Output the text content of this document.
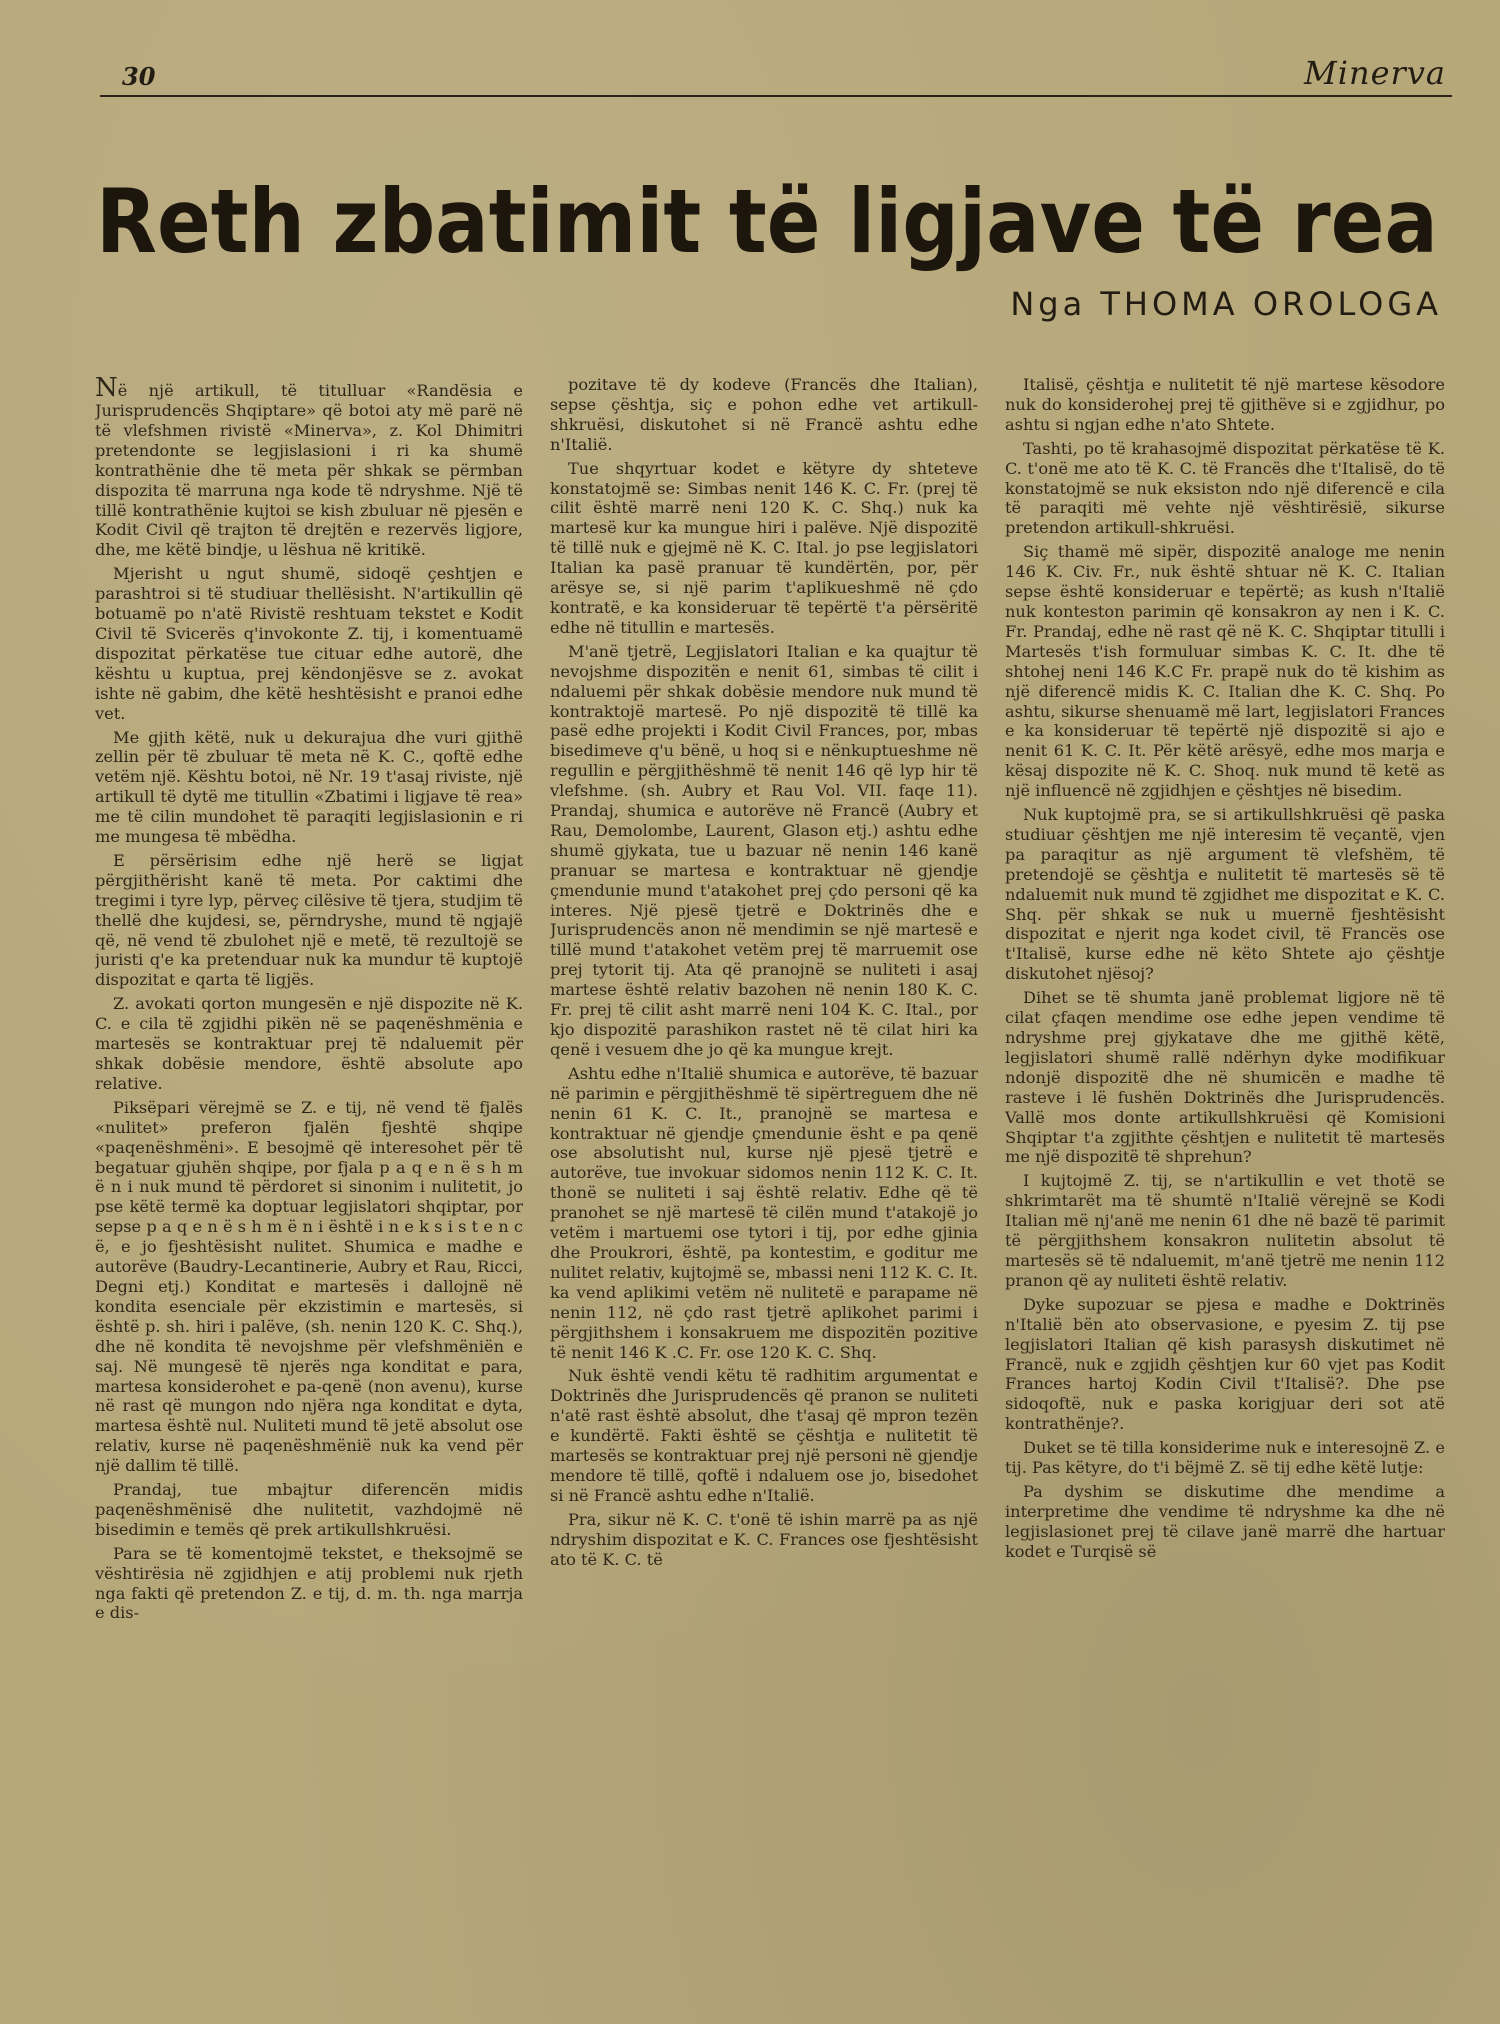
30	Minerva
Reth zbatimit të ligjave të rea
Nga THOMA OROLOGA

Në një artikull, të titulluar «Randësia e Jurisprudencës Shqiptare» që botoi aty më parë në të vlefshmen rivistë «Minerva», z. Kol Dhimitri pretendonte se legjislasioni i ri ka shumë kontrathënie dhe të meta për shkak se përmban dispozita të marruna nga kode të ndryshme. Një të tillë kontrathënie kujtoi se kish zbuluar në pjesën e Kodit Civil që trajton të drejtën e rezervës ligjore, dhe, me këtë bindje, u lëshua në kritikë.

Mjerisht u ngut shumë, sidoqë çeshtjen e parashtroi si të studiuar thellësisht. N'artikullin që botuamë po n'atë Rivistë reshtuam tekstet e Kodit Civil të Svicerës q'invokonte Z. tij, i komentuamë dispozitat përkatëse tue cituar edhe autorë, dhe kështu u kuptua, prej këndonjësve se z. avokat ishte në gabim, dhe këtë heshtësisht e pranoi edhe vet.

Me gjith këtë, nuk u dekurajua dhe vuri gjithë zellin për të zbuluar të meta në K. C., qoftë edhe vetëm një. Kështu botoi, në Nr. 19 t'asaj riviste, një artikull të dytë me titullin «Zbatimi i ligjave të rea» me të cilin mundohet të paraqiti legjislasionin e ri me mungesa të mbëdha.

E përsërisim edhe një herë se ligjat përgjithërisht kanë të meta. Por caktimi dhe tregimi i tyre lyp, përveç cilësive të tjera, studjim të thellë dhe kujdesi, se, përndryshe, mund të ngjajë që, në vend të zbulohet një e metë, të rezultojë se juristi q'e ka pretenduar nuk ka mundur të kuptojë dispozitat e qarta të ligjës.

Z. avokati qorton mungesën e një dispozite në K. C. e cila të zgjidhi pikën në se paqenëshmënia e martesës se kontraktuar prej të ndaluemit për shkak dobësie mendore, është absolute apo relative.

Piksëpari vërejmë se Z. e tij, në vend të fjalës «nulitet» preferon fjalën fjeshtë shqipe «paqenëshmëni». E besojmë që interesohet për të begatuar gjuhën shqipe, por fjala p a q e n ë s h m ë n i nuk mund të përdoret si sinonim i nulitetit, jo pse këtë termë ka doptuar legjislatori shqiptar, por sepse p a q e n ë s h m ë n i është i n e k s i s t e n c ë, e jo fjeshtësisht nulitet. Shumica e madhe e autorëve (Baudry-Lecantinerie, Aubry et Rau, Ricci, Degni etj.) Konditat e martesës i dallojnë në kondita esenciale për ekzistimin e martesës, si është p. sh. hiri i palëve, (sh. nenin 120 K. C. Shq.), dhe në kondita të nevojshme për vlefshmëniën e saj. Në mungesë të njerës nga konditat e para, martesa konsiderohet e pa-qenë (non avenu), kurse në rast që mungon ndo njëra nga konditat e dyta, martesa është nul. Nuliteti mund të jetë absolut ose relativ, kurse në paqenëshmënië nuk ka vend për një dallim të tillë.

Prandaj, tue mbajtur diferencën midis paqenëshmënisë dhe nulitetit, vazhdojmë në bisedimin e temës që prek artikullshkruësi.

Para se të komentojmë tekstet, e theksojmë se vështirësia në zgjidhjen e atij problemi nuk rjeth nga fakti që pretendon Z. e tij, d. m. th. nga marrja e dis-

pozitave të dy kodeve (Francës dhe Italian), sepse çështja, siç e pohon edhe vet artikull-shkruësi, diskutohet si në Francë ashtu edhe n'Italië.

Tue shqyrtuar kodet e këtyre dy shteteve konstatojmë se: Simbas nenit 146 K. C. Fr. (prej të cilit është marrë neni 120 K. C. Shq.) nuk ka martesë kur ka mungue hiri i palëve. Një dispozitë të tillë nuk e gjejmë në K. C. Ital. jo pse legjislatori Italian ka pasë pranuar të kundërtën, por, për arësye se, si një parim t'aplikueshmë në çdo kontratë, e ka konsideruar të tepërtë t'a përsëritë edhe në titullin e martesës.

M'anë tjetrë, Legjislatori Italian e ka quajtur të nevojshme dispozitën e nenit 61, simbas të cilit i ndaluemi për shkak dobësie mendore nuk mund të kontraktojë martesë. Po një dispozitë të tillë ka pasë edhe projekti i Kodit Civil Frances, por, mbas bisedimeve q'u bënë, u hoq si e nënkuptueshme në regullin e përgjithëshmë të nenit 146 që lyp hir të vlefshme. (sh. Aubry et Rau Vol. VII. faqe 11). Prandaj, shumica e autorëve në Francë (Aubry et Rau, Demolombe, Laurent, Glason etj.) ashtu edhe shumë gjykata, tue u bazuar në nenin 146 kanë pranuar se martesa e kontraktuar në gjendje çmendunie mund t'atakohet prej çdo personi që ka interes. Një pjesë tjetrë e Doktrinës dhe e Jurisprudencës anon në mendimin se një martesë e tillë mund t'atakohet vetëm prej të marruemit ose prej tytorit tij. Ata që pranojnë se nuliteti i asaj martese është relativ bazohen në nenin 180 K. C. Fr. prej të cilit asht marrë neni 104 K. C. Ital., por kjo dispozitë parashikon rastet në të cilat hiri ka qenë i vesuem dhe jo që ka mungue krejt.

Ashtu edhe n'Italië shumica e autorëve, të bazuar në parimin e përgjithëshmë të sipërtreguem dhe në nenin 61 K. C. It., pranojnë se martesa e kontraktuar në gjendje çmendunie ësht e pa qenë ose absolutisht nul, kurse një pjesë tjetrë e autorëve, tue invokuar sidomos nenin 112 K. C. It. thonë se nuliteti i saj është relativ. Edhe që të pranohet se një martesë të cilën mund t'atakojë jo vetëm i martuemi ose tytori i tij, por edhe gjinia dhe Proukrori, është, pa kontestim, e goditur me nulitet relativ, kujtojmë se, mbassi neni 112 K. C. It. ka vend aplikimi vetëm në nulitetë e parapame në nenin 112, në çdo rast tjetrë aplikohet parimi i përgjithshem i konsakruem me dispozitën pozitive të nenit 146 K .C. Fr. ose 120 K. C. Shq.

Nuk është vendi këtu të radhitim argumentat e Doktrinës dhe Jurisprudencës që pranon se nuliteti n'atë rast është absolut, dhe t'asaj që mpron tezën e kundërtë. Fakti është se çështja e nulitetit të martesës se kontraktuar prej një personi në gjendje mendore të tillë, qoftë i ndaluem ose jo, bisedohet si në Francë ashtu edhe n'Italië.

Pra, sikur në K. C. t'onë të ishin marrë pa as një ndryshim dispozitat e K. C. Frances ose fjeshtësisht ato të K. C. të

Italisë, çështja e nulitetit të një martese kësodore nuk do konsiderohej prej të gjithëve si e zgjidhur, po ashtu si ngjan edhe n'ato Shtete.

Tashti, po të krahasojmë dispozitat përkatëse të K. C. t'onë me ato të K. C. të Francës dhe t'Italisë, do të konstatojmë se nuk eksiston ndo një diferencë e cila të paraqiti më vehte një vështirësië, sikurse pretendon artikull-shkruësi.

Siç thamë më sipër, dispozitë analoge me nenin 146 K. Civ. Fr., nuk është shtuar në K. C. Italian sepse është konsideruar e tepërtë; as kush n'Italië nuk konteston parimin që konsakron ay nen i K. C. Fr. Prandaj, edhe në rast që në K. C. Shqiptar titulli i Martesës t'ish formuluar simbas K. C. It. dhe të shtohej neni 146 K.C Fr. prapë nuk do të kishim as një diferencë midis K. C. Italian dhe K. C. Shq. Po ashtu, sikurse shenuamë më lart, legjislatori Frances e ka konsideruar të tepërtë një dispozitë si ajo e nenit 61 K. C. It. Për këtë arësyë, edhe mos marja e kësaj dispozite në K. C. Shoq. nuk mund të ketë as një influencë në zgjidhjen e çështjes në bisedim.

Nuk kuptojmë pra, se si artikullshkruësi që paska studiuar çështjen me një interesim të veçantë, vjen pa paraqitur as një argument të vlefshëm, të pretendojë se çështja e nulitetit të martesës së të ndaluemit nuk mund të zgjidhet me dispozitat e K. C. Shq. për shkak se nuk u muernë fjeshtësisht dispozitat e njerit nga kodet civil, të Francës ose t'Italisë, kurse edhe në këto Shtete ajo çështje diskutohet njësoj?

Dihet se të shumta janë problemat ligjore në të cilat çfaqen mendime ose edhe jepen vendime të ndryshme prej gjykatave dhe me gjithë këtë, legjislatori shumë rallë ndërhyn dyke modifikuar ndonjë dispozitë dhe në shumicën e madhe të rasteve i lë fushën Doktrinës dhe Jurisprudencës. Vallë mos donte artikullshkruësi që Komisioni Shqiptar t'a zgjithte çështjen e nulitetit të martesës me një dispozitë të shprehun?

I kujtojmë Z. tij, se n'artikullin e vet thotë se shkrimtarët ma të shumtë n'Italië vërejnë se Kodi Italian më nj'anë me nenin 61 dhe në bazë të parimit të përgjithshem konsakron nulitetin absolut të martesës së të ndaluemit, m'anë tjetrë me nenin 112 pranon që ay nuliteti është relativ.

Dyke supozuar se pjesa e madhe e Doktrinës n'Italië bën ato observasione, e pyesim Z. tij pse legjislatori Italian që kish parasysh diskutimet në Francë, nuk e zgjidh çështjen kur 60 vjet pas Kodit Frances hartoj Kodin Civil t'Italisë?. Dhe pse sidoqoftë, nuk e paska korigjuar deri sot atë kontrathënje?.

Duket se të tilla konsiderime nuk e interesojnë Z. e tij. Pas këtyre, do t'i bëjmë Z. së tij edhe këtë lutje:

Pa dyshim se diskutime dhe mendime a interpretime dhe vendime të ndryshme ka dhe në legjislasionet prej të cilave janë marrë dhe hartuar kodet e Turqisë së
